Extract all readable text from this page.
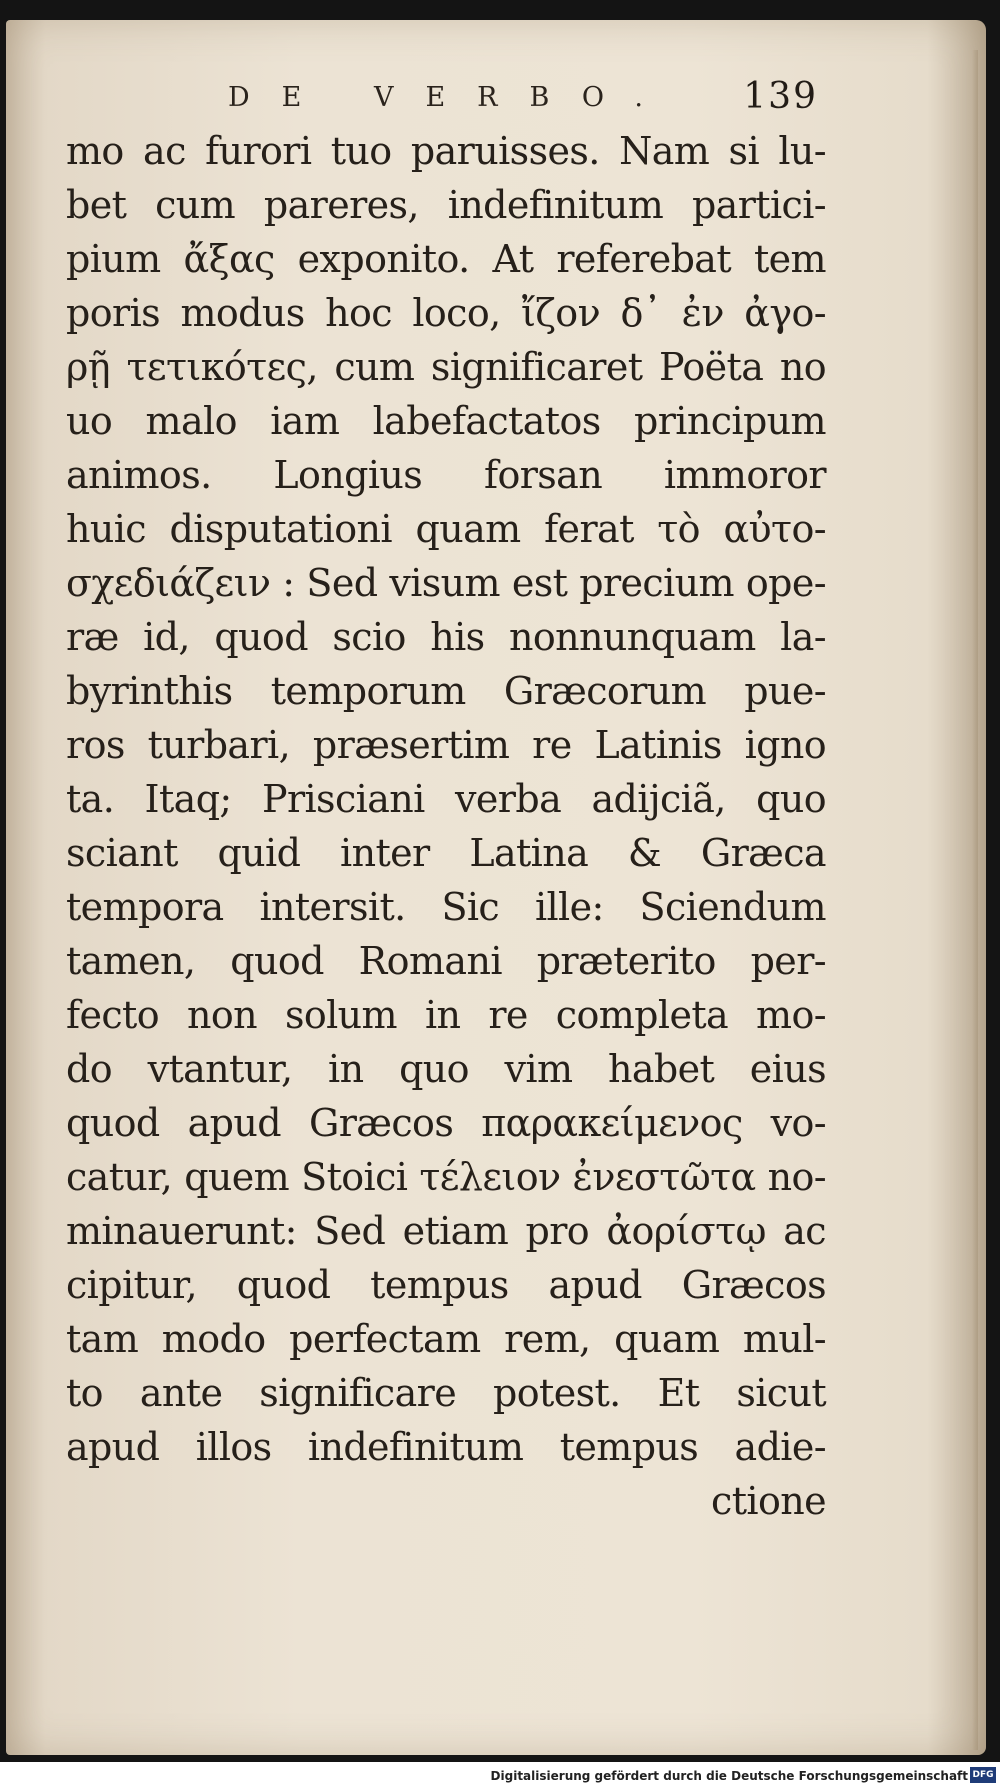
DE VERBO. 139
mo ac furori tuo paruisses. Nam si lu-
bet cum pareres, indefinitum partici-
pium ἄξας exponito. At referebat tem
poris modus hoc loco, ἴζον δ᾽ ἐν ἀγο-
ρῇ τετικότες, cum significaret Poëta no
uo malo iam labefactatos principum
animos. Longius forsan immoror
huic disputationi quam ferat τὸ αὐτο-
σχεδιάζειν : Sed visum est precium ope-
ræ id, quod scio his nonnunquam la-
byrinthis temporum Græcorum pue-
ros turbari, præsertim re Latinis igno
ta. Itaq; Prisciani verba adijciã, quo
sciant quid inter Latina & Græca
tempora intersit. Sic ille: Sciendum
tamen, quod Romani præterito per-
fecto non solum in re completa mo-
do vtantur, in quo vim habet eius
quod apud Græcos παρακείμενος vo-
catur, quem Stoici τέλειον ἐνεστῶτα no-
minauerunt: Sed etiam pro ἀορίστῳ ac
cipitur, quod tempus apud Græcos
tam modo perfectam rem, quam mul-
to ante significare potest. Et sicut
apud illos indefinitum tempus adie-
ctione
Digitalisierung gefördert durch die Deutsche Forschungsgemeinschaft DFG
